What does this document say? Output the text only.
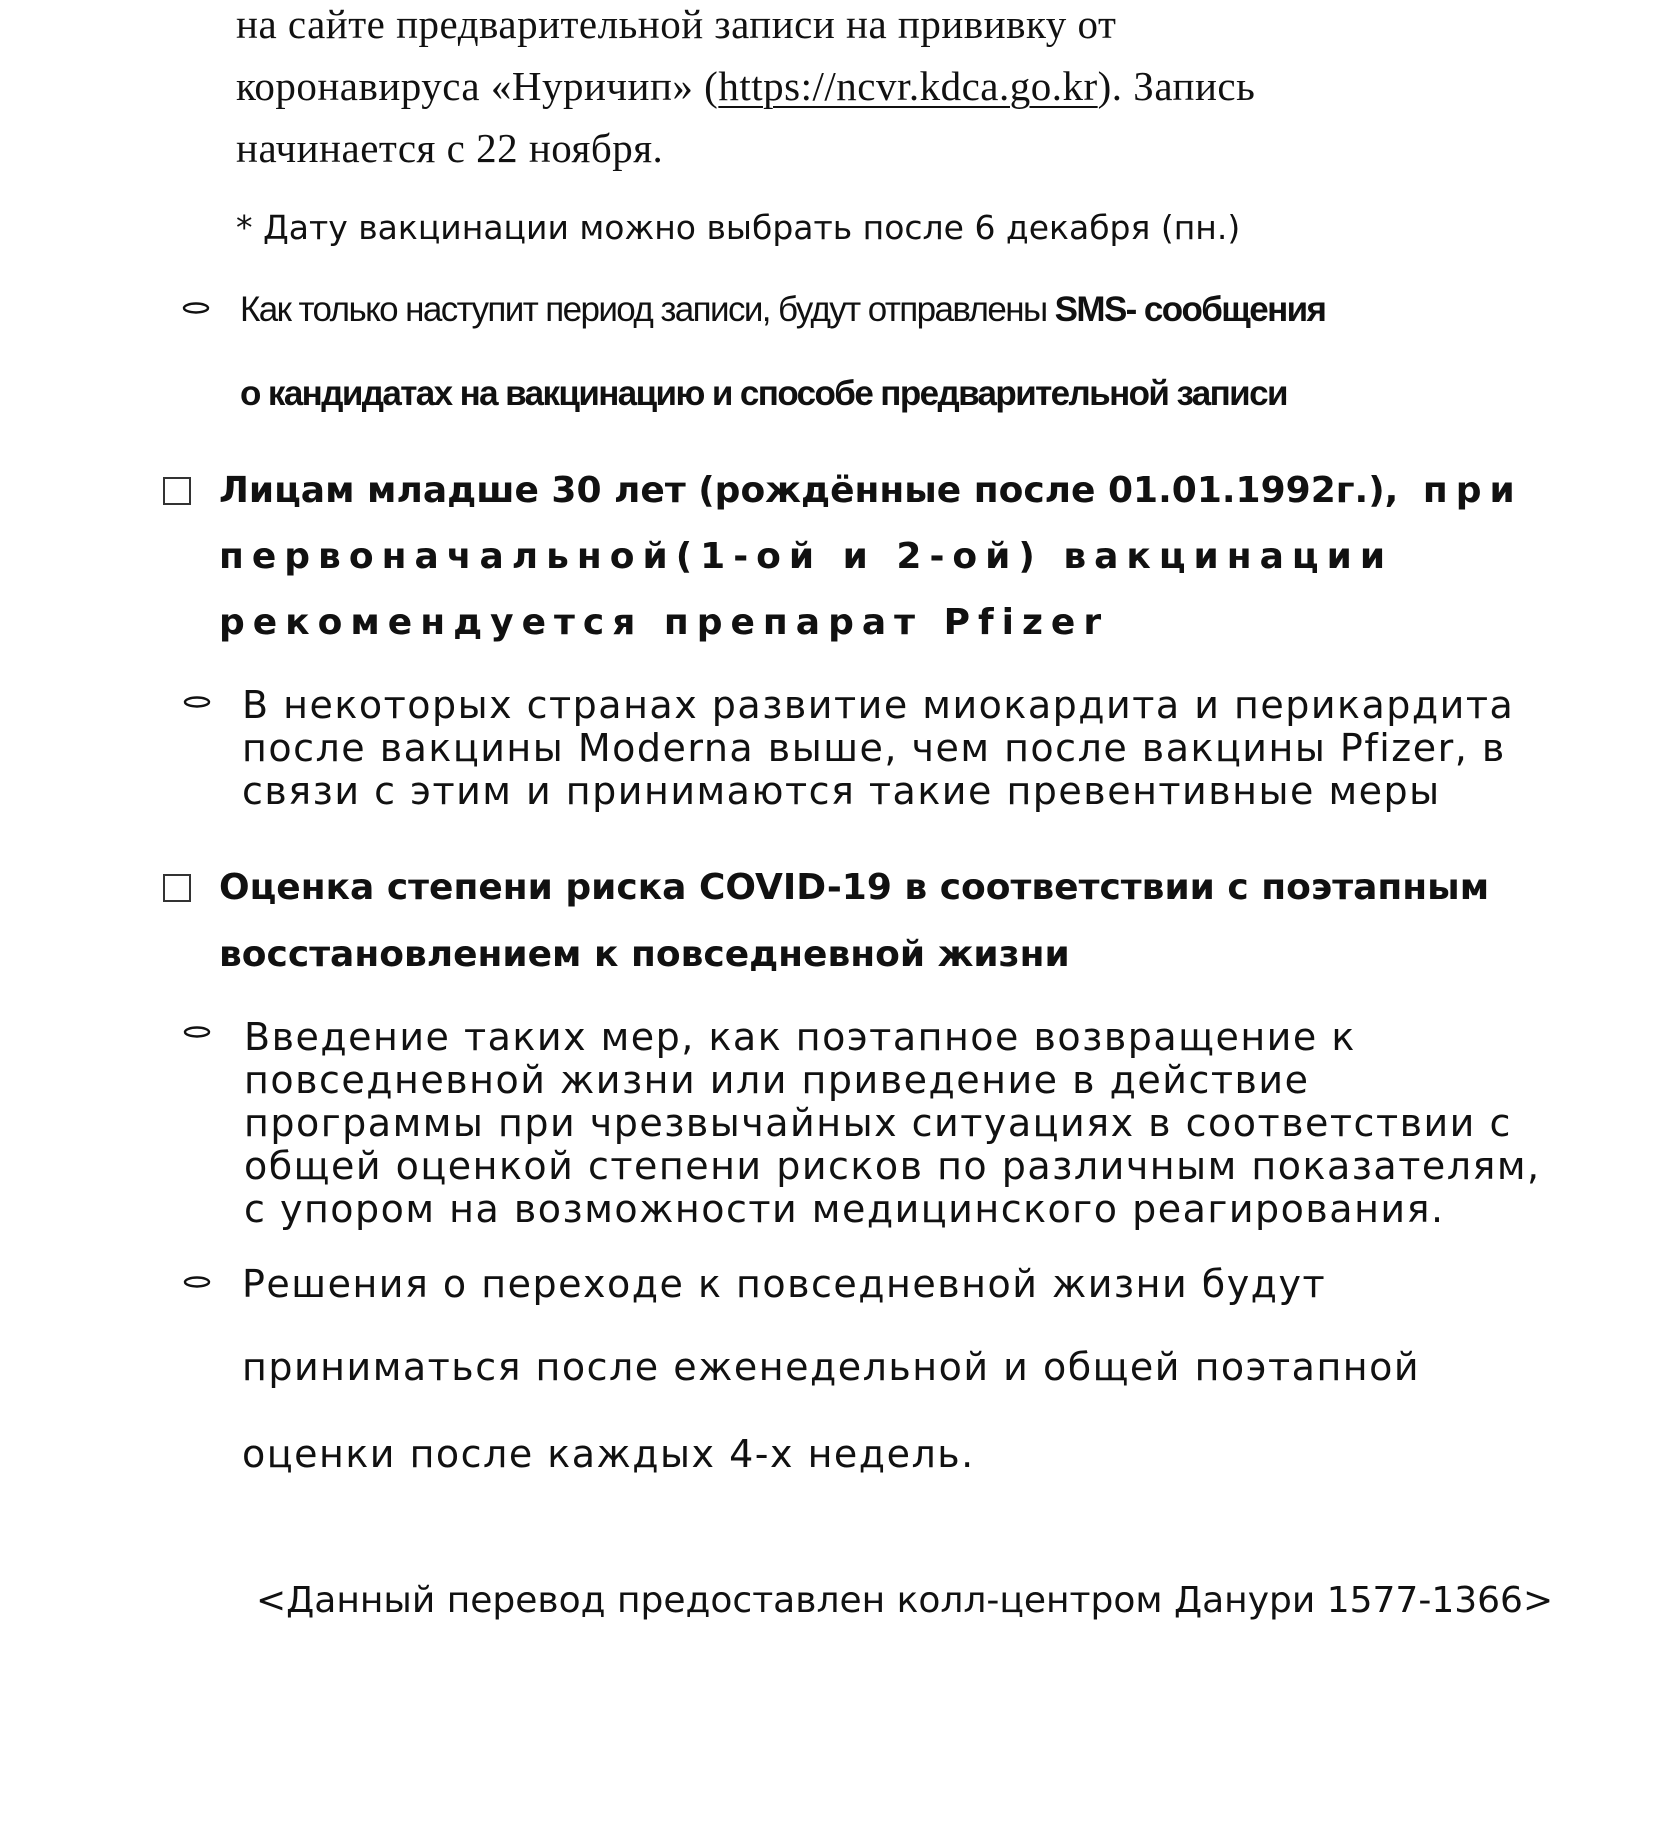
на сайте предварительной записи на прививку от
коронавируса «Нуричип» (https://ncvr.kdca.go.kr). Запись
начинается с 22 ноября.
* Дату вакцинации можно выбрать после 6 декабря (пн.)
Как только наступит период записи, будут отправлены SMS- сообщения
о кандидатах на вакцинацию и способе предварительной записи
Лицам младше 30 лет (рождённые после 01.01.1992г.), при
первоначальной(1-ой и 2-ой) вакцинации
рекомендуется препарат Pfizer
В некоторых странах развитие миокардита и перикардита
после вакцины Moderna выше, чем после вакцины Pfizer, в
связи с этим и принимаются такие превентивные меры
Оценка степени риска COVID-19 в соответствии с поэтапным
восстановлением к повседневной жизни
Введение таких мер, как поэтапное возвращение к
повседневной жизни или приведение в действие
программы при чрезвычайных ситуациях в соответствии с
общей оценкой степени рисков по различным показателям,
с упором на возможности медицинского реагирования.
Решения о переходе к повседневной жизни будут
приниматься после еженедельной и общей поэтапной
оценки после каждых 4-х недель.
<Данный перевод предоставлен колл-центром Данури 1577-1366>
